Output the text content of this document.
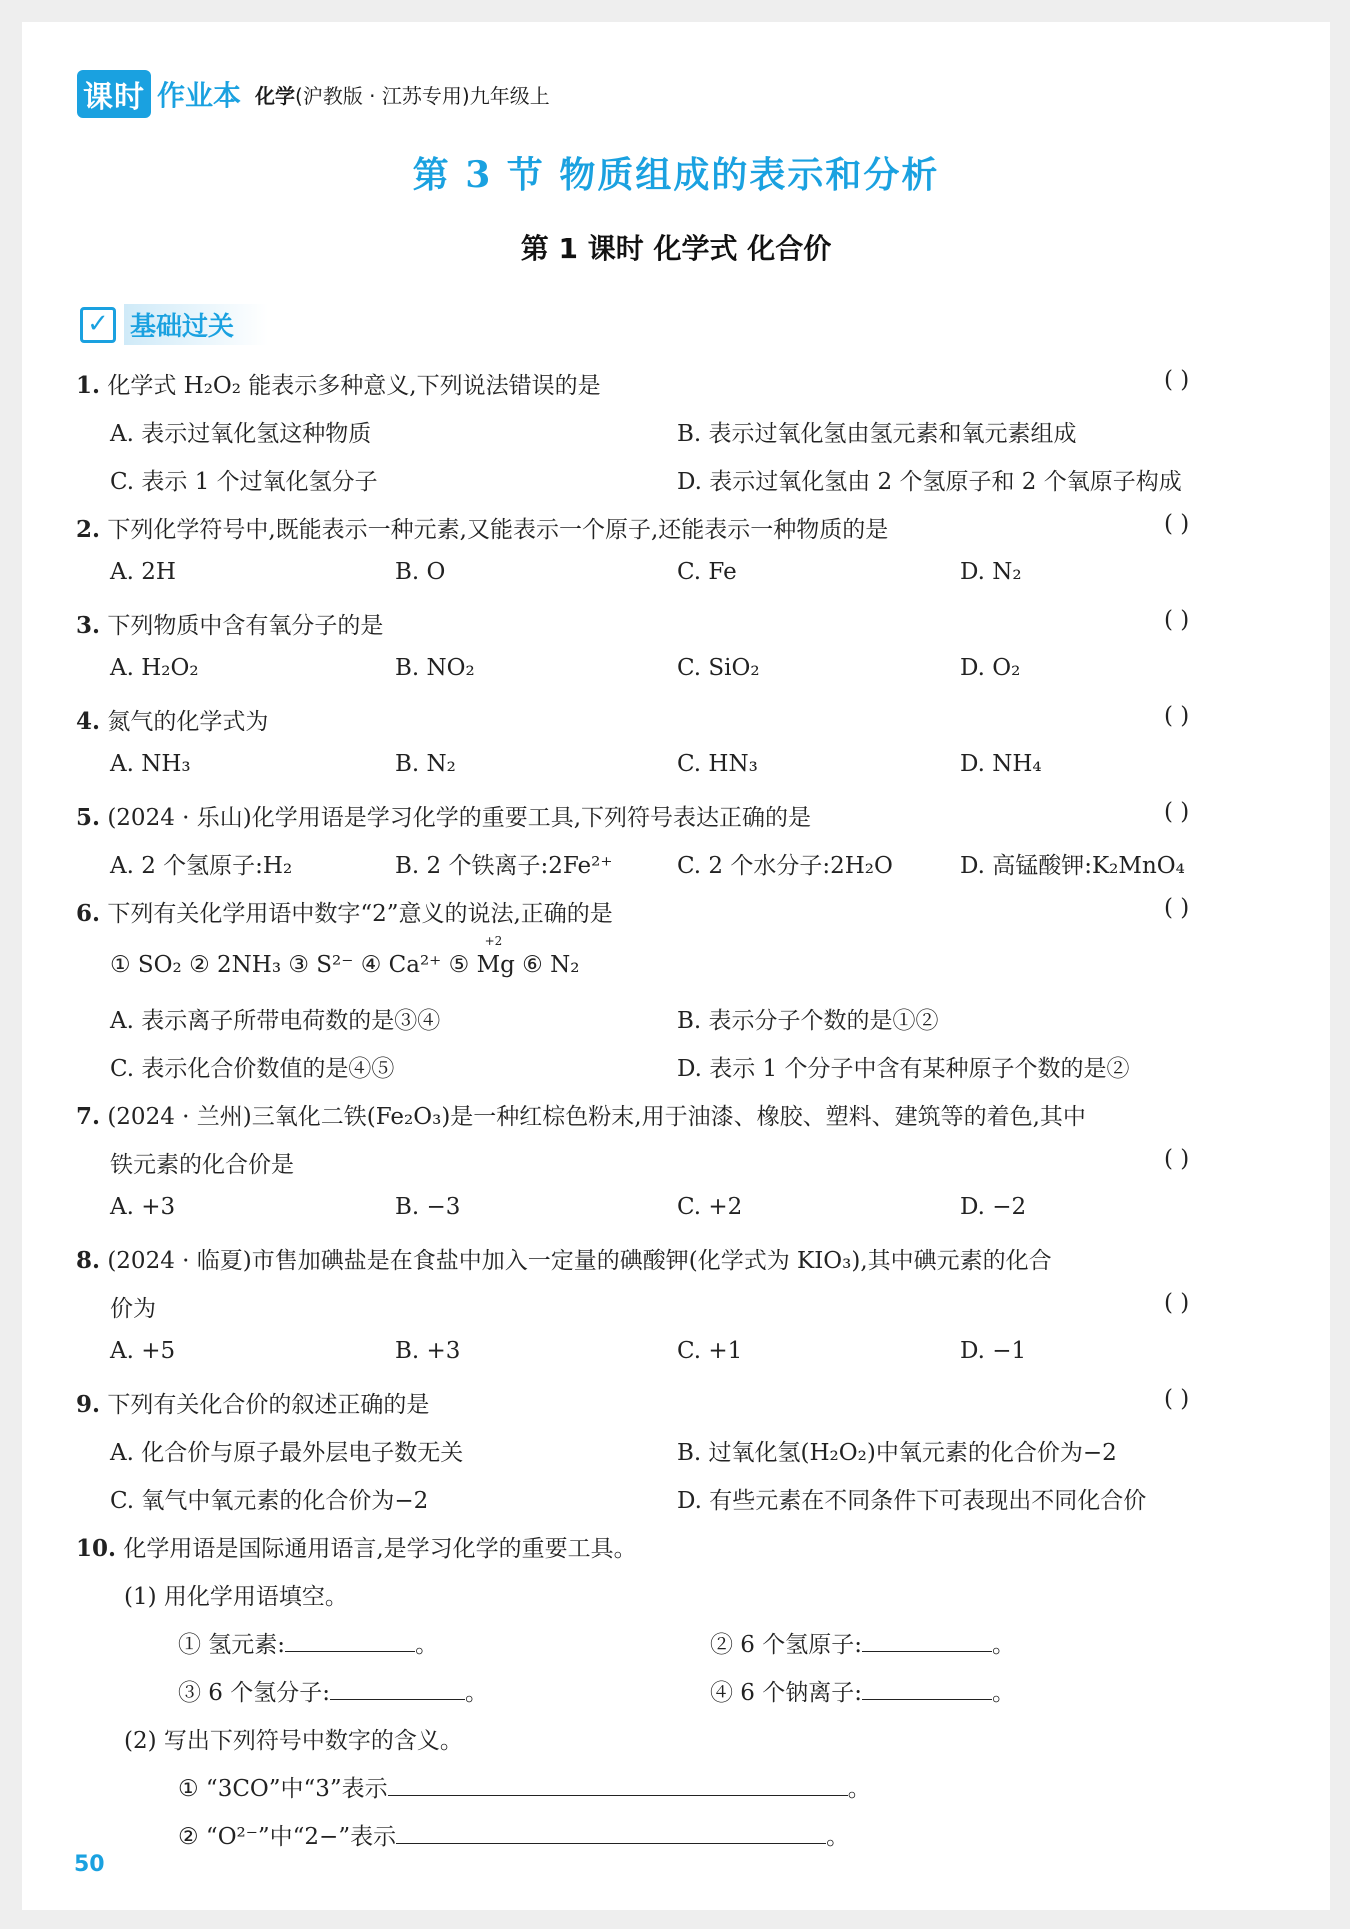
课时 作业本 化学(沪教版 · 江苏专用)九年级上
第 3 节 物质组成的表示和分析
第 1 课时 化学式 化合价
✓ 基础过关
1. 化学式 H₂O₂ 能表示多种意义,下列说法错误的是	( )
A. 表示过氧化氢这种物质	B. 表示过氧化氢由氢元素和氧元素组成
C. 表示 1 个过氧化氢分子	D. 表示过氧化氢由 2 个氢原子和 2 个氧原子构成
2. 下列化学符号中,既能表示一种元素,又能表示一个原子,还能表示一种物质的是	( )
A. 2H	B. O	C. Fe	D. N₂
3. 下列物质中含有氧分子的是	( )
A. H₂O₂	B. NO₂	C. SiO₂	D. O₂
4. 氮气的化学式为	( )
A. NH₃	B. N₂	C. HN₃	D. NH₄
5. (2024 · 乐山)化学用语是学习化学的重要工具,下列符号表达正确的是	( )
A. 2 个氢原子:H₂	B. 2 个铁离子:2Fe²⁺	C. 2 个水分子:2H₂O	D. 高锰酸钾:K₂MnO₄
6. 下列有关化学用语中数字“2”意义的说法,正确的是	( )
① SO₂ ② 2NH₃ ③ S²⁻ ④ Ca²⁺ ⑤
+2
Mg ⑥ N₂
A. 表示离子所带电荷数的是③④	B. 表示分子个数的是①②
C. 表示化合价数值的是④⑤	D. 表示 1 个分子中含有某种原子个数的是②
7. (2024 · 兰州)三氧化二铁(Fe₂O₃)是一种红棕色粉末,用于油漆、橡胶、塑料、建筑等的着色,其中
铁元素的化合价是	( )
A. +3	B. −3	C. +2	D. −2
8. (2024 · 临夏)市售加碘盐是在食盐中加入一定量的碘酸钾(化学式为 KIO₃),其中碘元素的化合
价为	( )
A. +5	B. +3	C. +1	D. −1
9. 下列有关化合价的叙述正确的是	( )
A. 化合价与原子最外层电子数无关	B. 过氧化氢(H₂O₂)中氧元素的化合价为−2
C. 氧气中氧元素的化合价为−2	D. 有些元素在不同条件下可表现出不同化合价
10. 化学用语是国际通用语言,是学习化学的重要工具。
(1) 用化学用语填空。
① 氢元素:	。	② 6 个氢原子:	。
③ 6 个氢分子:	。	④ 6 个钠离子:	。
(2) 写出下列符号中数字的含义。
① “3CO”中“3”表示	。
② “O²⁻”中“2−”表示	。
50
